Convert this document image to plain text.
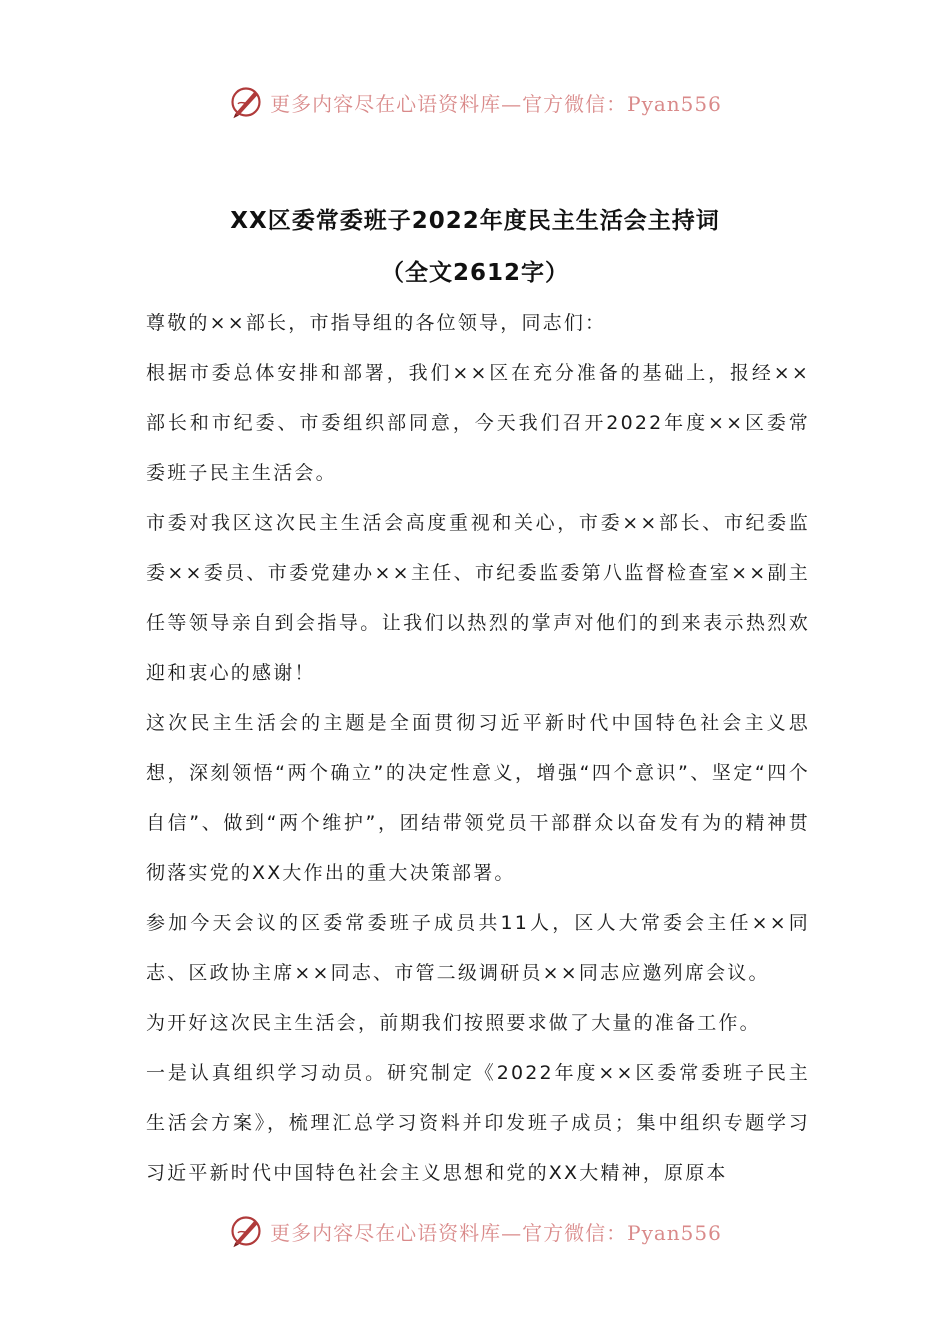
更多内容尽在心语资料库—官方微信：Pyan556
XX区委常委班子2022年度民主生活会主持词
（全文2612字）

尊敬的××部长，市指导组的各位领导，同志们：

根据市委总体安排和部署，我们××区在充分准备的基础上，报经××部长和市纪委、市委组织部同意，今天我们召开2022年度××区委常委班子民主生活会。

市委对我区这次民主生活会高度重视和关心，市委××部长、市纪委监委××委员、市委党建办××主任、市纪委监委第八监督检查室××副主任等领导亲自到会指导。让我们以热烈的掌声对他们的到来表示热烈欢迎和衷心的感谢！

这次民主生活会的主题是全面贯彻习近平新时代中国特色社会主义思想，深刻领悟“两个确立”的决定性意义，增强“四个意识”、坚定“四个自信”、做到“两个维护”，团结带领党员干部群众以奋发有为的精神贯彻落实党的XX大作出的重大决策部署。

参加今天会议的区委常委班子成员共11人，区人大常委会主任××同志、区政协主席××同志、市管二级调研员××同志应邀列席会议。

为开好这次民主生活会，前期我们按照要求做了大量的准备工作。

一是认真组织学习动员。研究制定《2022年度××区委常委班子民主生活会方案》，梳理汇总学习资料并印发班子成员；集中组织专题学习习近平新时代中国特色社会主义思想和党的XX大精神，原原本

更多内容尽在心语资料库—官方微信：Pyan556
